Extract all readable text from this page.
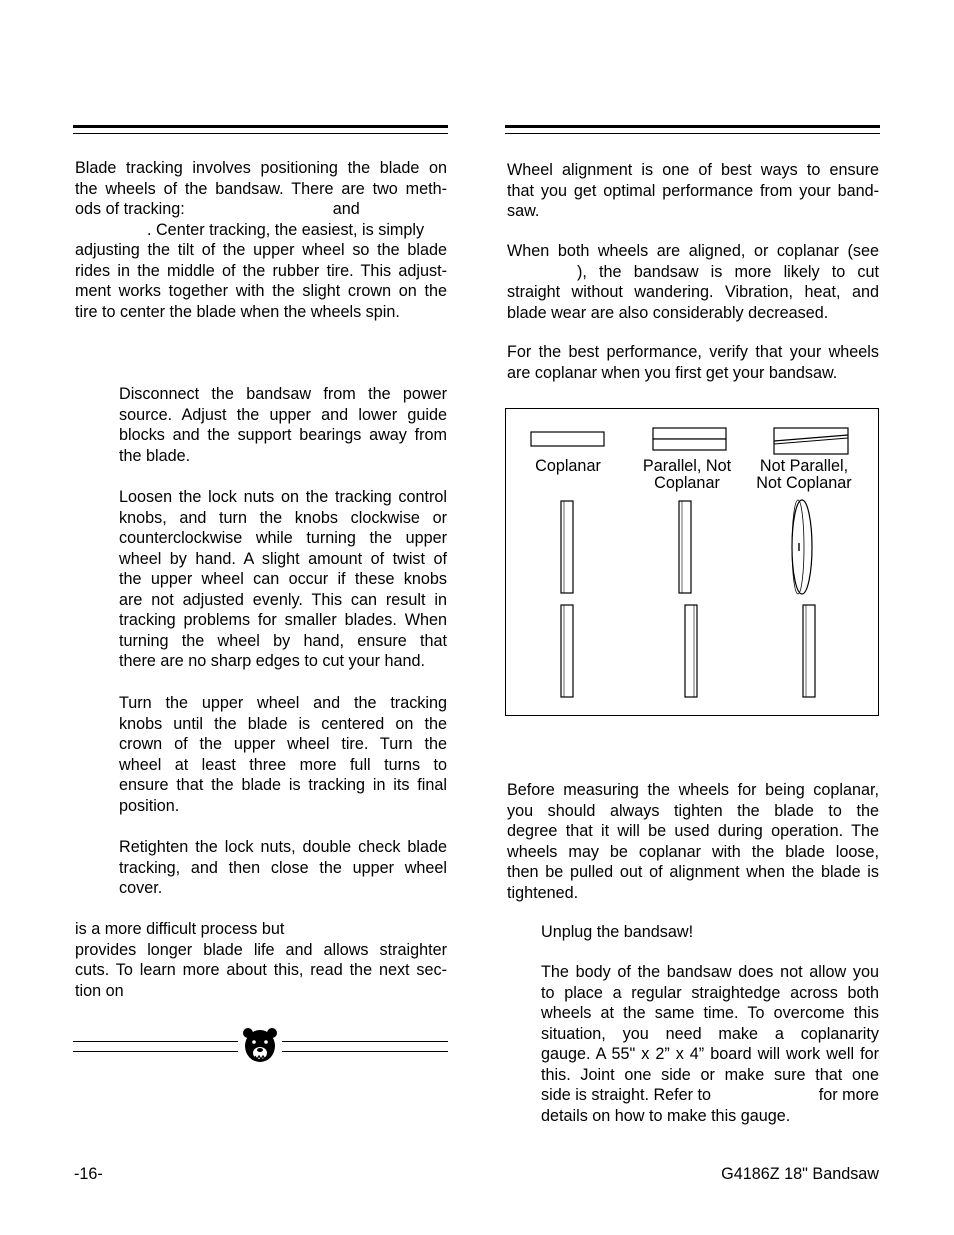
Blade tracking involves positioning the blade on
the wheels of the bandsaw. There are two meth-
ods of tracking:	and
. Center tracking, the easiest, is simply
adjusting the tilt of the upper wheel so the blade
rides in the middle of the rubber tire. This adjust-
ment works together with the slight crown on the
tire to center the blade when the wheels spin.
Disconnect the bandsaw from the power
source. Adjust the upper and lower guide
blocks and the support bearings away from
the blade.
Loosen the lock nuts on the tracking control
knobs, and turn the knobs clockwise or
counterclockwise while turning the upper
wheel by hand. A slight amount of twist of
the upper wheel can occur if these knobs
are not adjusted evenly. This can result in
tracking problems for smaller blades. When
turning the wheel by hand, ensure that
there are no sharp edges to cut your hand.
Turn the upper wheel and the tracking
knobs until the blade is centered on the
crown of the upper wheel tire. Turn the
wheel at least three more full turns to
ensure that the blade is tracking in its final
position.
Retighten the lock nuts, double check blade
tracking, and then close the upper wheel
cover.
is a more difficult process but
provides longer blade life and allows straighter
cuts. To learn more about this, read the next sec-
tion on
Wheel alignment is one of best ways to ensure
that you get optimal performance from your band-
saw.
When both wheels are aligned, or coplanar (see
), the bandsaw is more likely to cut
straight without wandering. Vibration, heat, and
blade wear are also considerably decreased.
For the best performance, verify that your wheels
are coplanar when you first get your bandsaw.
Coplanar	Parallel, Not
Coplanar
Not Parallel,
Not Coplanar
Before measuring the wheels for being coplanar,
you should always tighten the blade to the
degree that it will be used during operation. The
wheels may be coplanar with the blade loose,
then be pulled out of alignment when the blade is
tightened.
Unplug the bandsaw!
The body of the bandsaw does not allow you
to place a regular straightedge across both
wheels at the same time. To overcome this
situation, you need make a coplanarity
gauge. A 55" x 2” x 4” board will work well for
this. Joint one side or make sure that one
side is straight. Refer to	for more
details on how to make this gauge.
-16-	G4186Z 18" Bandsaw
